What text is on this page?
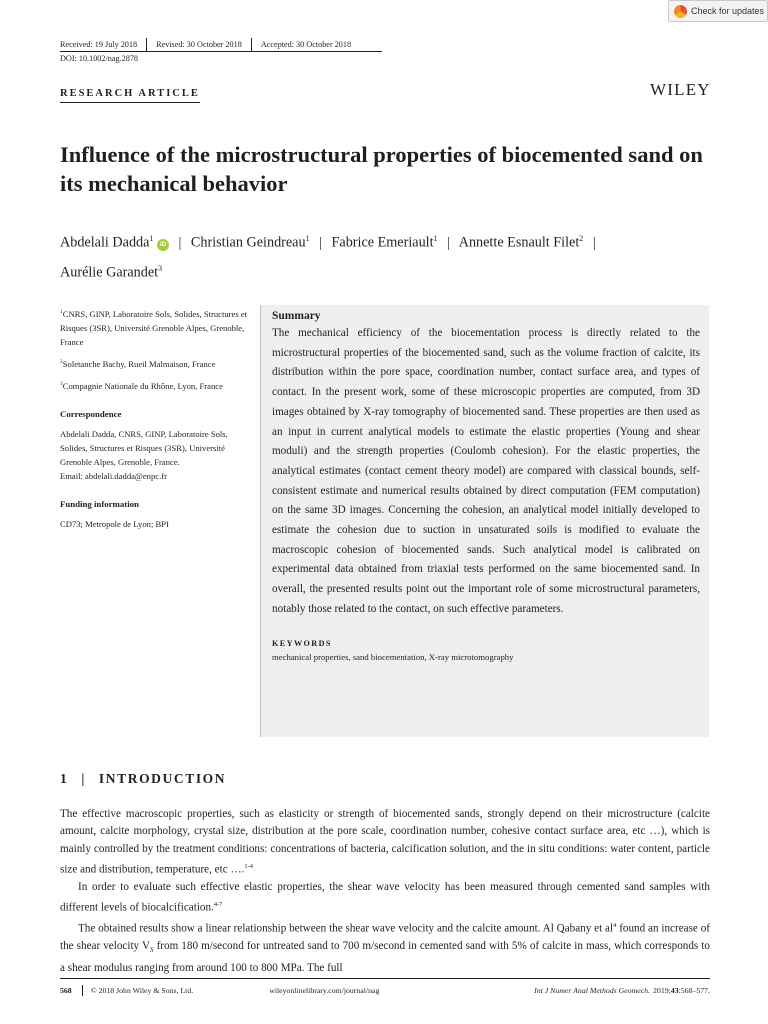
Check for updates
Received: 19 July 2018	Revised: 30 October 2018	Accepted: 30 October 2018
DOI: 10.1002/nag.2878
RESEARCH ARTICLE	WILEY
Influence of the microstructural properties of biocemented sand on its mechanical behavior
Abdelali Dadda$^1$ iD | Christian Geindreau$^1$ | Fabrice Emeriault$^1$ | Annette Esnault Filet$^2$ |
Aurélie Garandet$^3$

$^1$CNRS, GINP, Laboratoire Sols, Solides, Structures et Risques (3SR), Université Grenoble Alpes, Grenoble, France

$^2$Soletanche Bachy, Rueil Malmaison, France

$^3$Compagnie Nationale du Rhône, Lyon, France

Correspondence

Abdelali Dadda, CNRS, GINP, Laboratoire Sols, Solides, Structures et Risques (3SR), Université Grenoble Alpes, Grenoble, France.

Email: abdelali.dadda@enpc.fr

Funding information

CD73; Metropole de Lyon; BPI

Summary

The mechanical efficiency of the biocementation process is directly related to the microstructural properties of the biocemented sand, such as the volume fraction of calcite, its distribution within the pore space, coordination number, contact surface area, and types of contact. In the present work, some of these microscopic properties are computed, from 3D images obtained by X‐ray tomography of biocemented sand. These properties are then used as an input in current analytical models to estimate the elastic properties (Young and shear moduli) and the strength properties (Coulomb cohesion). For the elastic properties, the analytical estimates (contact cement theory model) are compared with classical bounds, self‐consistent estimate and numerical results obtained by direct computation (FEM computation) on the same 3D images. Concerning the cohesion, an analytical model initially developed to estimate the cohesion due to suction in unsaturated soils is modified to evaluate the macroscopic cohesion of biocemented sands. Such analytical model is calibrated on experimental data obtained from triaxial tests performed on the same biocemented sand. In overall, the presented results point out the important role of some microstructural parameters, notably those related to the contact, on such effective parameters.

KEYWORDS

mechanical properties, sand biocementation, X‐ray microtomography

1 | INTRODUCTION

The effective macroscopic properties, such as elasticity or strength of biocemented sands, strongly depend on their microstructure (calcite amount, calcite morphology, crystal size, distribution at the pore scale, coordination number, cohesive contact surface area, etc …), which is mainly controlled by the treatment conditions: concentrations of bacteria, calcification solution, and the in situ conditions: water content, particle size and distribution, temperature, etc ….$^{1-4}$

In order to evaluate such effective elastic properties, the shear wave velocity has been measured through cemented sand samples with different levels of biocalcification.$^{4-7}$

The obtained results show a linear relationship between the shear wave velocity and the calcite amount. Al Qabany et $al^4$ found an increase of the shear velocity $V_S$ from 180 m/second for untreated sand to 700 m/second in cemented sand with 5% of calcite in mass, which corresponds to a shear modulus ranging from around 100 to 800 MPa. The full

568 © 2018 John Wiley & Sons, Ltd.	wileyonlinelibrary.com/journal/nag	Int J Numer Anal Methods Geomech. 2019; 43 :568–577.
